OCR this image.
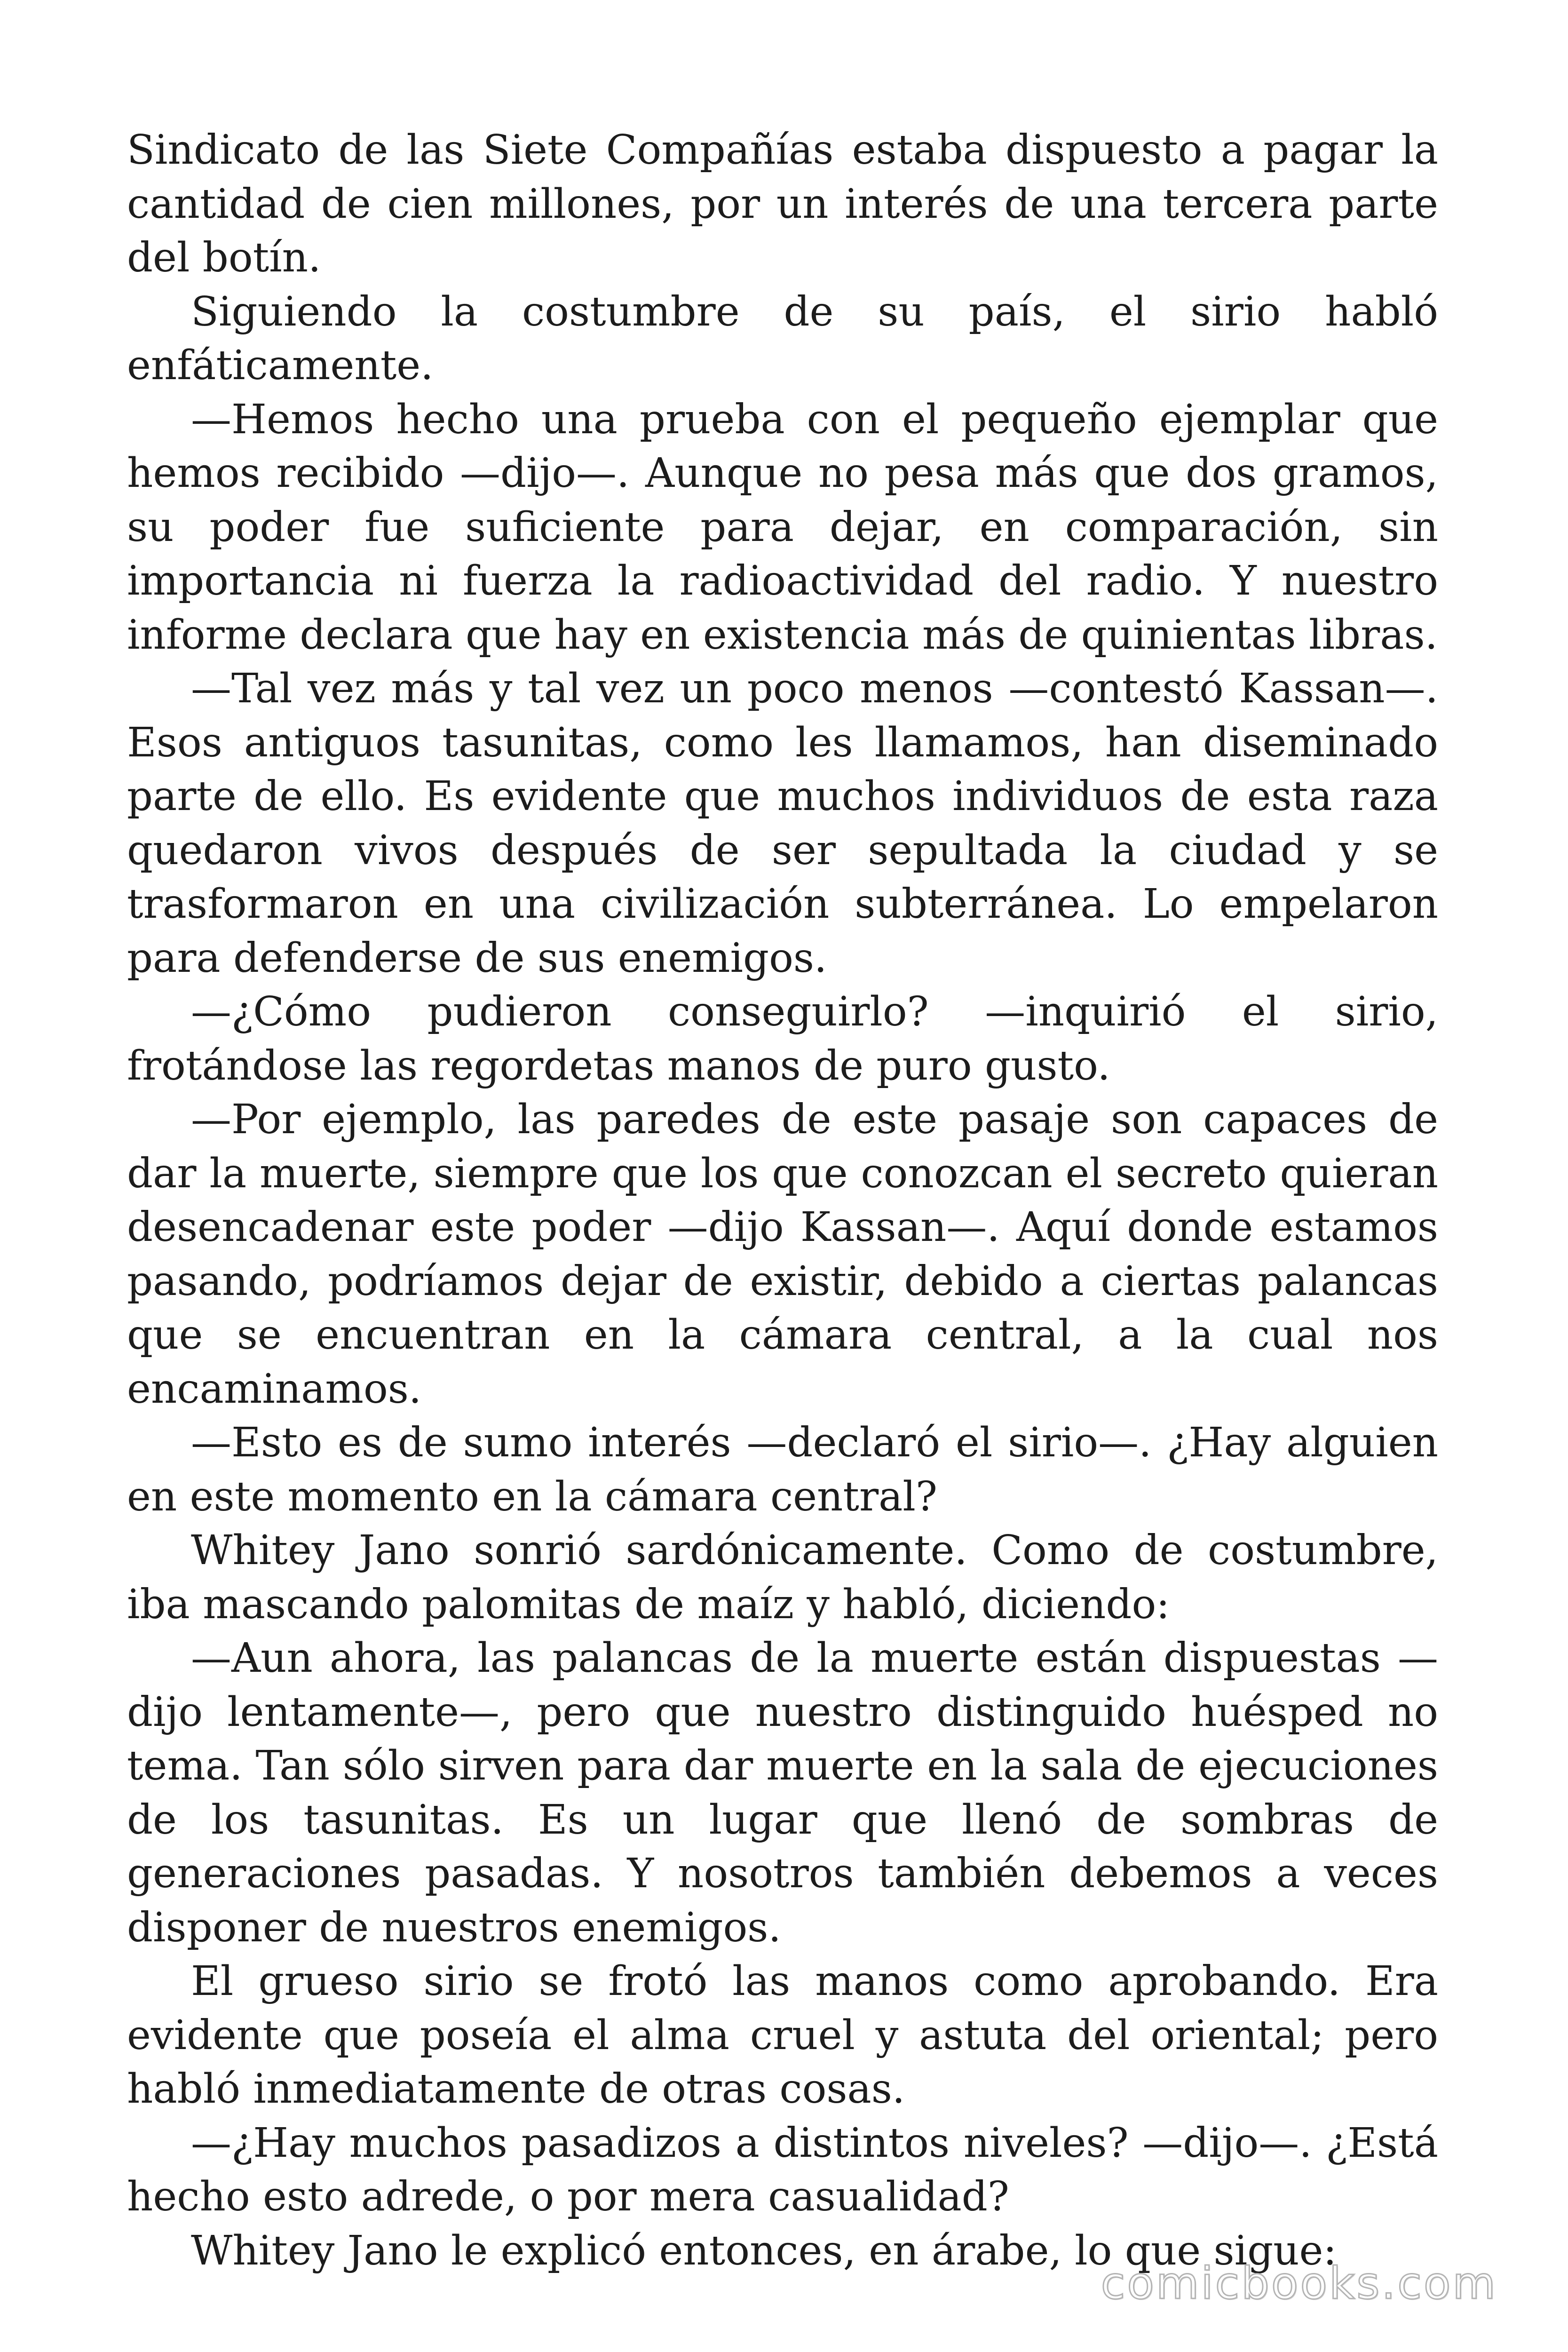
Sindicato de las Siete Compañías estaba dispuesto a pagar la cantidad de cien millones, por un interés de una tercera parte del botín.

Siguiendo la costumbre de su país, el sirio habló enfáticamente.

—Hemos hecho una prueba con el pequeño ejemplar que hemos recibido —dijo—. Aunque no pesa más que dos gramos, su poder fue suficiente para dejar, en comparación, sin importancia ni fuerza la radioactividad del radio. Y nuestro informe declara que hay en existencia más de quinientas libras.

—Tal vez más y tal vez un poco menos —contestó Kassan—. Esos antiguos tasunitas, como les llamamos, han diseminado parte de ello. Es evidente que muchos individuos de esta raza quedaron vivos después de ser sepultada la ciudad y se trasformaron en una civilización subterránea. Lo empelaron para defenderse de sus enemigos.

—¿Cómo pudieron conseguirlo? —inquirió el sirio, frotándose las regordetas manos de puro gusto.

—Por ejemplo, las paredes de este pasaje son capaces de dar la muerte, siempre que los que conozcan el secreto quieran desencadenar este poder —dijo Kassan—. Aquí donde estamos pasando, podríamos dejar de existir, debido a ciertas palancas que se encuentran en la cámara central, a la cual nos encaminamos.

—Esto es de sumo interés —declaró el sirio—. ¿Hay alguien en este momento en la cámara central?

Whitey Jano sonrió sardónicamente. Como de costumbre, iba mascando palomitas de maíz y habló, diciendo:

—Aun ahora, las palancas de la muerte están dispuestas —dijo lentamente—, pero que nuestro distinguido huésped no tema. Tan sólo sirven para dar muerte en la sala de ejecuciones de los tasunitas. Es un lugar que llenó de sombras de generaciones pasadas. Y nosotros también debemos a veces disponer de nuestros enemigos.

El grueso sirio se frotó las manos como aprobando. Era evidente que poseía el alma cruel y astuta del oriental; pero habló inmediatamente de otras cosas.

—¿Hay muchos pasadizos a distintos niveles? —dijo—. ¿Está hecho esto adrede, o por mera casualidad?

Whitey Jano le explicó entonces, en árabe, lo que sigue:

comicbooks.com
